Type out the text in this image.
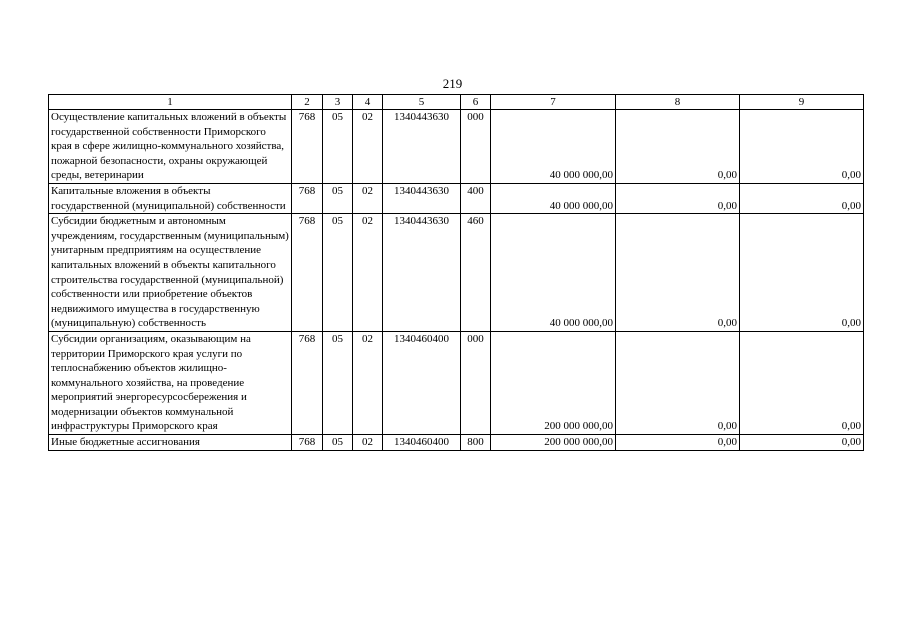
219
1	2	3	4	5	6	7	8	9
Осуществление капитальных вложений в объекты государственной собственности Приморского края в сфере жилищно-коммунального хозяйства, пожарной безопасности, охраны окружающей среды, ветеринарии	768	05	02	1340443630	000	40 000 000,00	0,00	0,00
Капитальные вложения в объекты государственной (муниципальной) собственности	768	05	02	1340443630	400	40 000 000,00	0,00	0,00
Субсидии бюджетным и автономным учреждениям, государственным (муниципальным) унитарным предприятиям на осуществление капитальных вложений в объекты капитального строительства государственной (муниципальной) собственности или приобретение объектов недвижимого имущества в государственную (муниципальную) собственность	768	05	02	1340443630	460	40 000 000,00	0,00	0,00
Субсидии организациям, оказывающим на территории Приморского края услуги по теплоснабжению объектов жилищно-коммунального хозяйства, на проведение мероприятий энергоресурсосбережения и модернизации объектов коммунальной инфраструктуры Приморского края	768	05	02	1340460400	000	200 000 000,00	0,00	0,00
Иные бюджетные ассигнования	768	05	02	1340460400	800	200 000 000,00	0,00	0,00
